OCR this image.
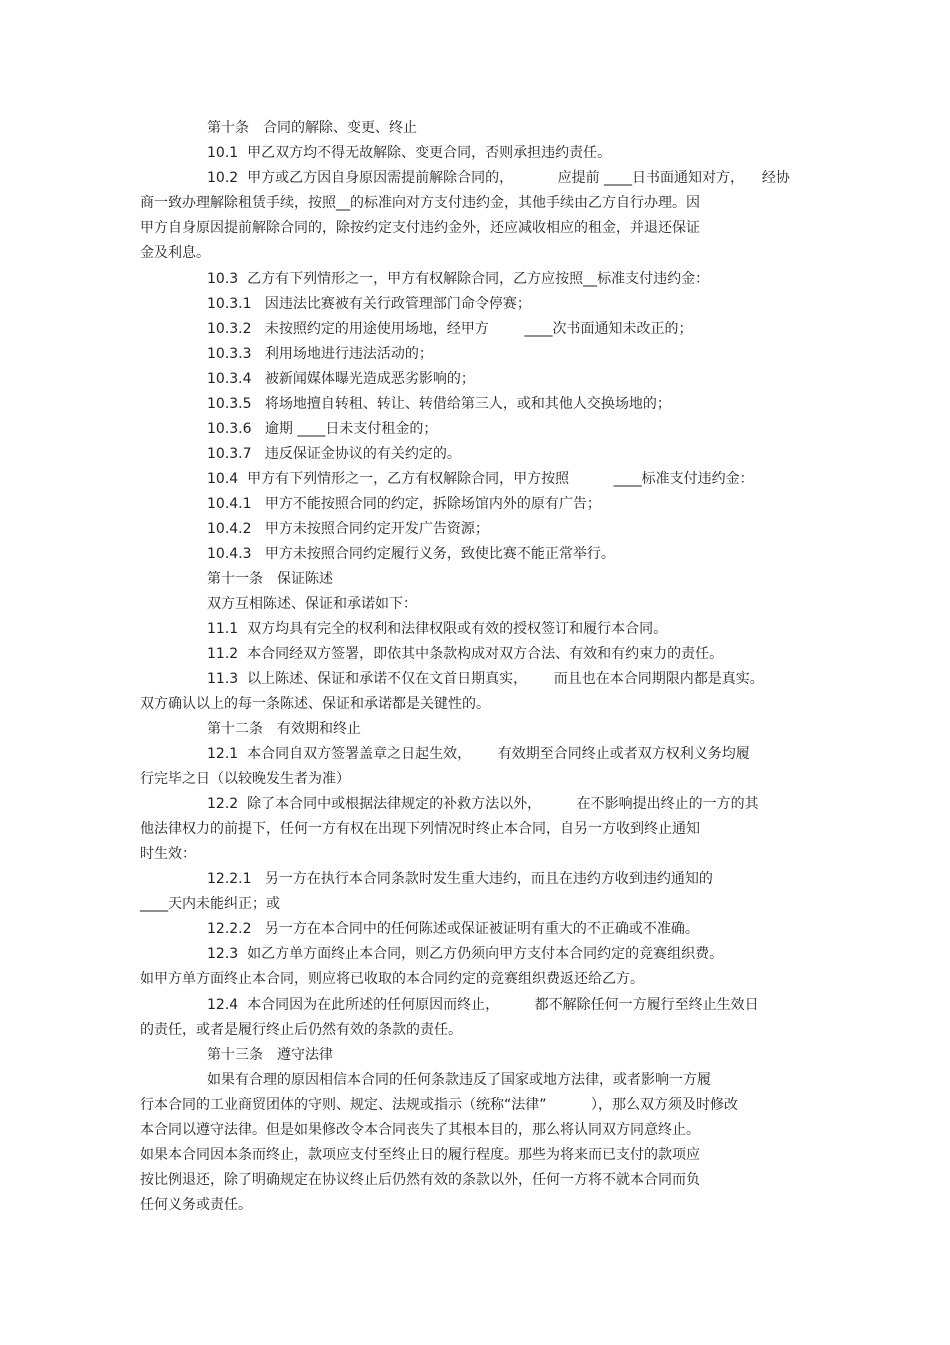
第十条　合同的解除、变更、终止

10.1  甲乙双方均不得无故解除、变更合同，否则承担违约责任。

10.2  甲方或乙方因自身原因需提前解除合同的，          应提前 ____日书面通知对方，    经协

商一致办理解除租赁手续，按照__的标准向对方支付违约金，其他手续由乙方自行办理。因

甲方自身原因提前解除合同的，除按约定支付违约金外，还应减收相应的租金，并退还保证

金及利息。

10.3  乙方有下列情形之一，甲方有权解除合同，乙方应按照__标准支付违约金：

10.3.1   因违法比赛被有关行政管理部门命令停赛；

10.3.2   未按照约定的用途使用场地，经甲方        ____次书面通知未改正的；

10.3.3   利用场地进行违法活动的；

10.3.4   被新闻媒体曝光造成恶劣影响的；

10.3.5   将场地擅自转租、转让、转借给第三人，或和其他人交换场地的；

10.3.6   逾期 ____日未支付租金的；

10.3.7   违反保证金协议的有关约定的。

10.4  甲方有下列情形之一，乙方有权解除合同，甲方按照          ____标准支付违约金：

10.4.1   甲方不能按照合同的约定，拆除场馆内外的原有广告；

10.4.2   甲方未按照合同约定开发广告资源；

10.4.3   甲方未按照合同约定履行义务，致使比赛不能正常举行。

第十一条　保证陈述

双方互相陈述、保证和承诺如下：

11.1  双方均具有完全的权利和法律权限或有效的授权签订和履行本合同。

11.2  本合同经双方签署，即依其中条款构成对双方合法、有效和有约束力的责任。

11.3  以上陈述、保证和承诺不仅在文首日期真实，      而且也在本合同期限内都是真实。

双方确认以上的每一条陈述、保证和承诺都是关键性的。

第十二条　有效期和终止

12.1  本合同自双方签署盖章之日起生效，      有效期至合同终止或者双方权利义务均履

行完毕之日（以较晚发生者为准）

12.2  除了本合同中或根据法律规定的补救方法以外，        在不影响提出终止的一方的其

他法律权力的前提下，任何一方有权在出现下列情况时终止本合同，自另一方收到终止通知

时生效：

12.2.1   另一方在执行本合同条款时发生重大违约，而且在违约方收到违约通知的

____天内未能纠正；或

12.2.2   另一方在本合同中的任何陈述或保证被证明有重大的不正确或不准确。

12.3  如乙方单方面终止本合同，则乙方仍须向甲方支付本合同约定的竞赛组织费。

如甲方单方面终止本合同，则应将已收取的本合同约定的竞赛组织费返还给乙方。

12.4  本合同因为在此所述的任何原因而终止，        都不解除任何一方履行至终止生效日

的责任，或者是履行终止后仍然有效的条款的责任。

第十三条　遵守法律

如果有合理的原因相信本合同的任何条款违反了国家或地方法律，或者影响一方履

行本合同的工业商贸团体的守则、规定、法规或指示（统称“法律”          ），那么双方须及时修改

本合同以遵守法律。但是如果修改令本合同丧失了其根本目的，那么将认同双方同意终止。

如果本合同因本条而终止，款项应支付至终止日的履行程度。那些为将来而已支付的款项应

按比例退还，除了明确规定在协议终止后仍然有效的条款以外，任何一方将不就本合同而负

任何义务或责任。
